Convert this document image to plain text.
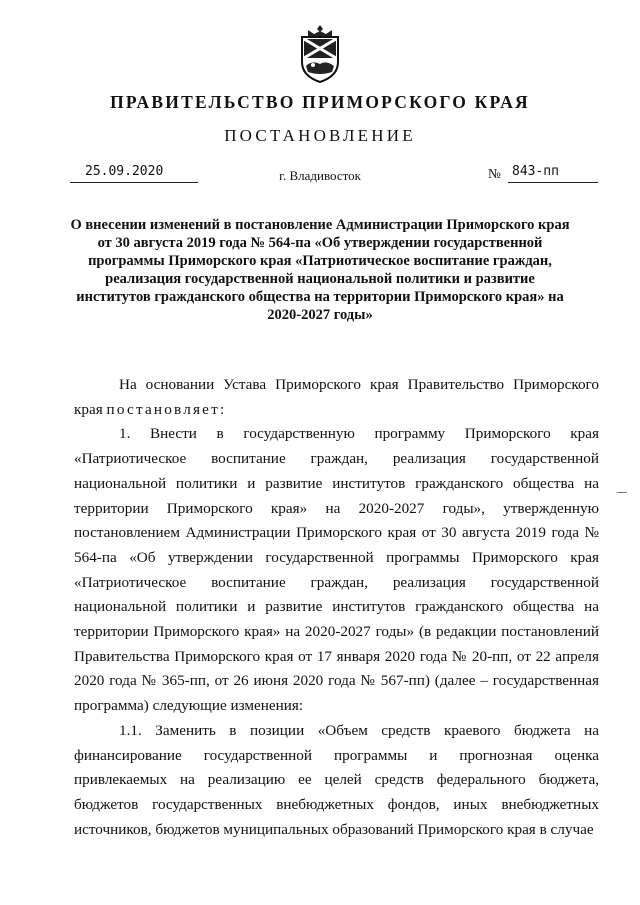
ПРАВИТЕЛЬСТВО ПРИМОРСКОГО КРАЯ
ПОСТАНОВЛЕНИЕ
25.09.2020	г. Владивосток	№ 843-пп
О внесении изменений в постановление Администрации Приморского края от 30 августа 2019 года № 564-па «Об утверждении государственной программы Приморского края «Патриотическое воспитание граждан, реализация государственной национальной политики и развитие институтов гражданского общества на территории Приморского края» на 2020-2027 годы»

На основании Устава Приморского края Правительство Приморского края постановляет:

1. Внести в государственную программу Приморского края «Патриотическое воспитание граждан, реализация государственной национальной политики и развитие институтов гражданского общества на территории Приморского края» на 2020-2027 годы», утвержденную постановлением Администрации Приморского края от 30 августа 2019 года № 564-па «Об утверждении государственной программы Приморского края «Патриотическое воспитание граждан, реализация государственной национальной политики и развитие институтов гражданского общества на территории Приморского края» на 2020-2027 годы» (в редакции постановлений Правительства Приморского края от 17 января 2020 года № 20-пп, от 22 апреля 2020 года № 365-пп, от 26 июня 2020 года № 567-пп) (далее – государственная программа) следующие изменения:

1.1. Заменить в позиции «Объем средств краевого бюджета на финансирование государственной программы и прогнозная оценка привлекаемых на реализацию ее целей средств федерального бюджета, бюджетов государственных внебюджетных фондов, иных внебюджетных источников, бюджетов муниципальных образований Приморского края в случае
